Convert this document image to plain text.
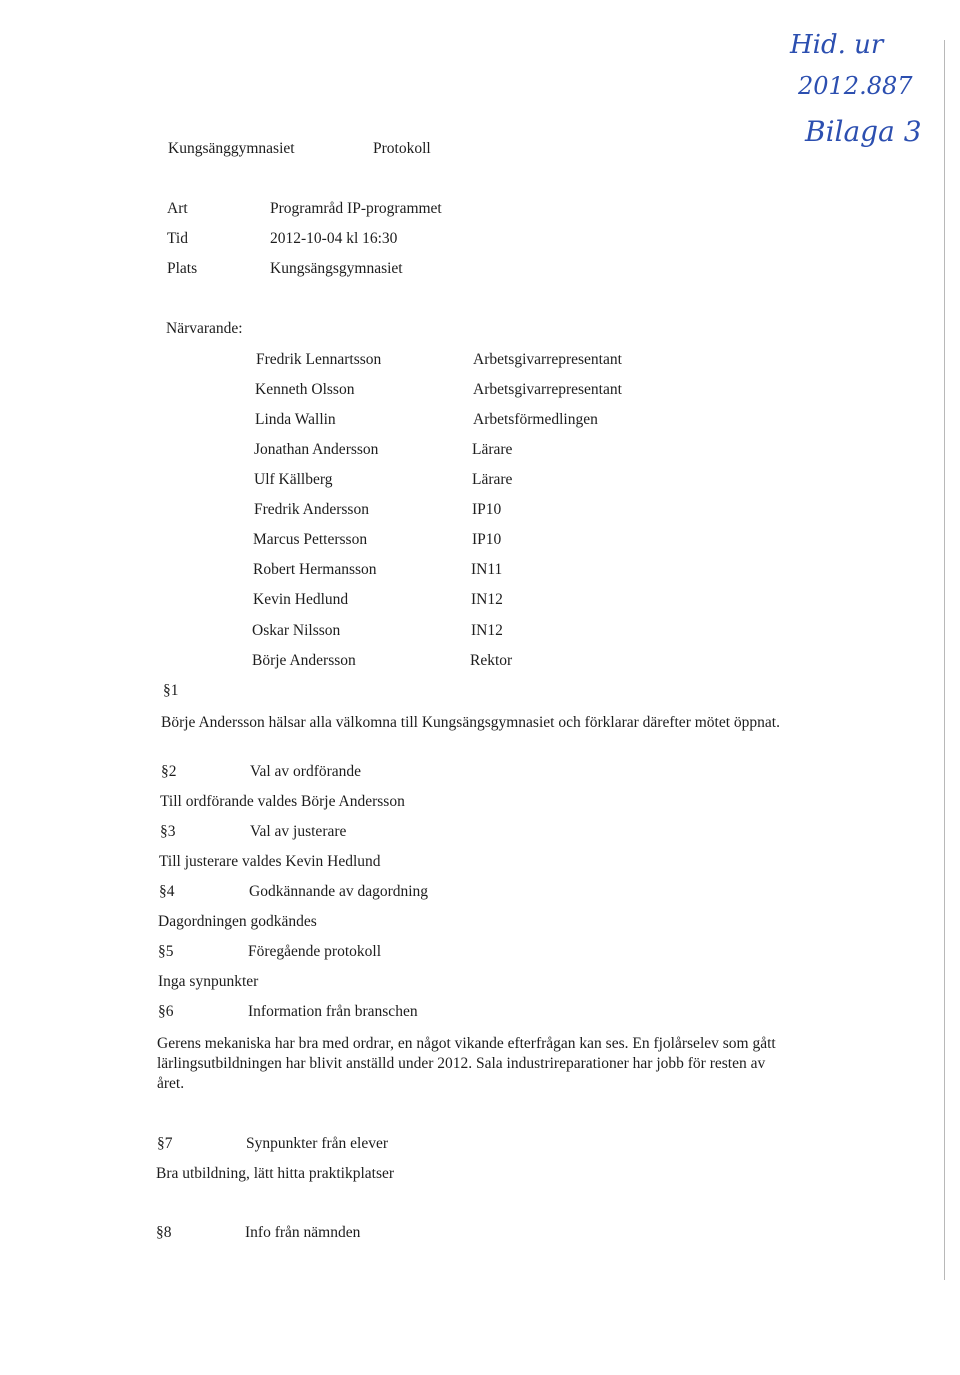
Hid. ur
2012.887
Bilaga 3
Kungsänggymnasiet	Protokoll
Art	Programråd IP-programmet
Tid	2012-10-04 kl 16:30
Plats	Kungsängsgymnasiet
Närvarande:
Fredrik Lennartsson	Arbetsgivarrepresentant
Kenneth Olsson	Arbetsgivarrepresentant
Linda Wallin	Arbetsförmedlingen
Jonathan Andersson	Lärare
Ulf Källberg	Lärare
Fredrik Andersson	IP10
Marcus Pettersson	IP10
Robert Hermansson	IN11
Kevin Hedlund	IN12
Oskar Nilsson	IN12
Börje Andersson	Rektor
§1
Börje Andersson hälsar alla välkomna till Kungsängsgymnasiet och förklarar därefter mötet öppnat.
§2	Val av ordförande
Till ordförande valdes Börje Andersson
§3	Val av justerare
Till justerare valdes Kevin Hedlund
§4	Godkännande av dagordning
Dagordningen godkändes
§5	Föregående protokoll
Inga synpunkter
§6	Information från branschen
Gerens mekaniska har bra med ordrar, en något vikande efterfrågan kan ses. En fjolårselev som gått lärlingsutbildningen har blivit anställd under 2012. Sala industrireparationer har jobb för resten av året.
§7	Synpunkter från elever
Bra utbildning, lätt hitta praktikplatser
§8	Info från nämnden
